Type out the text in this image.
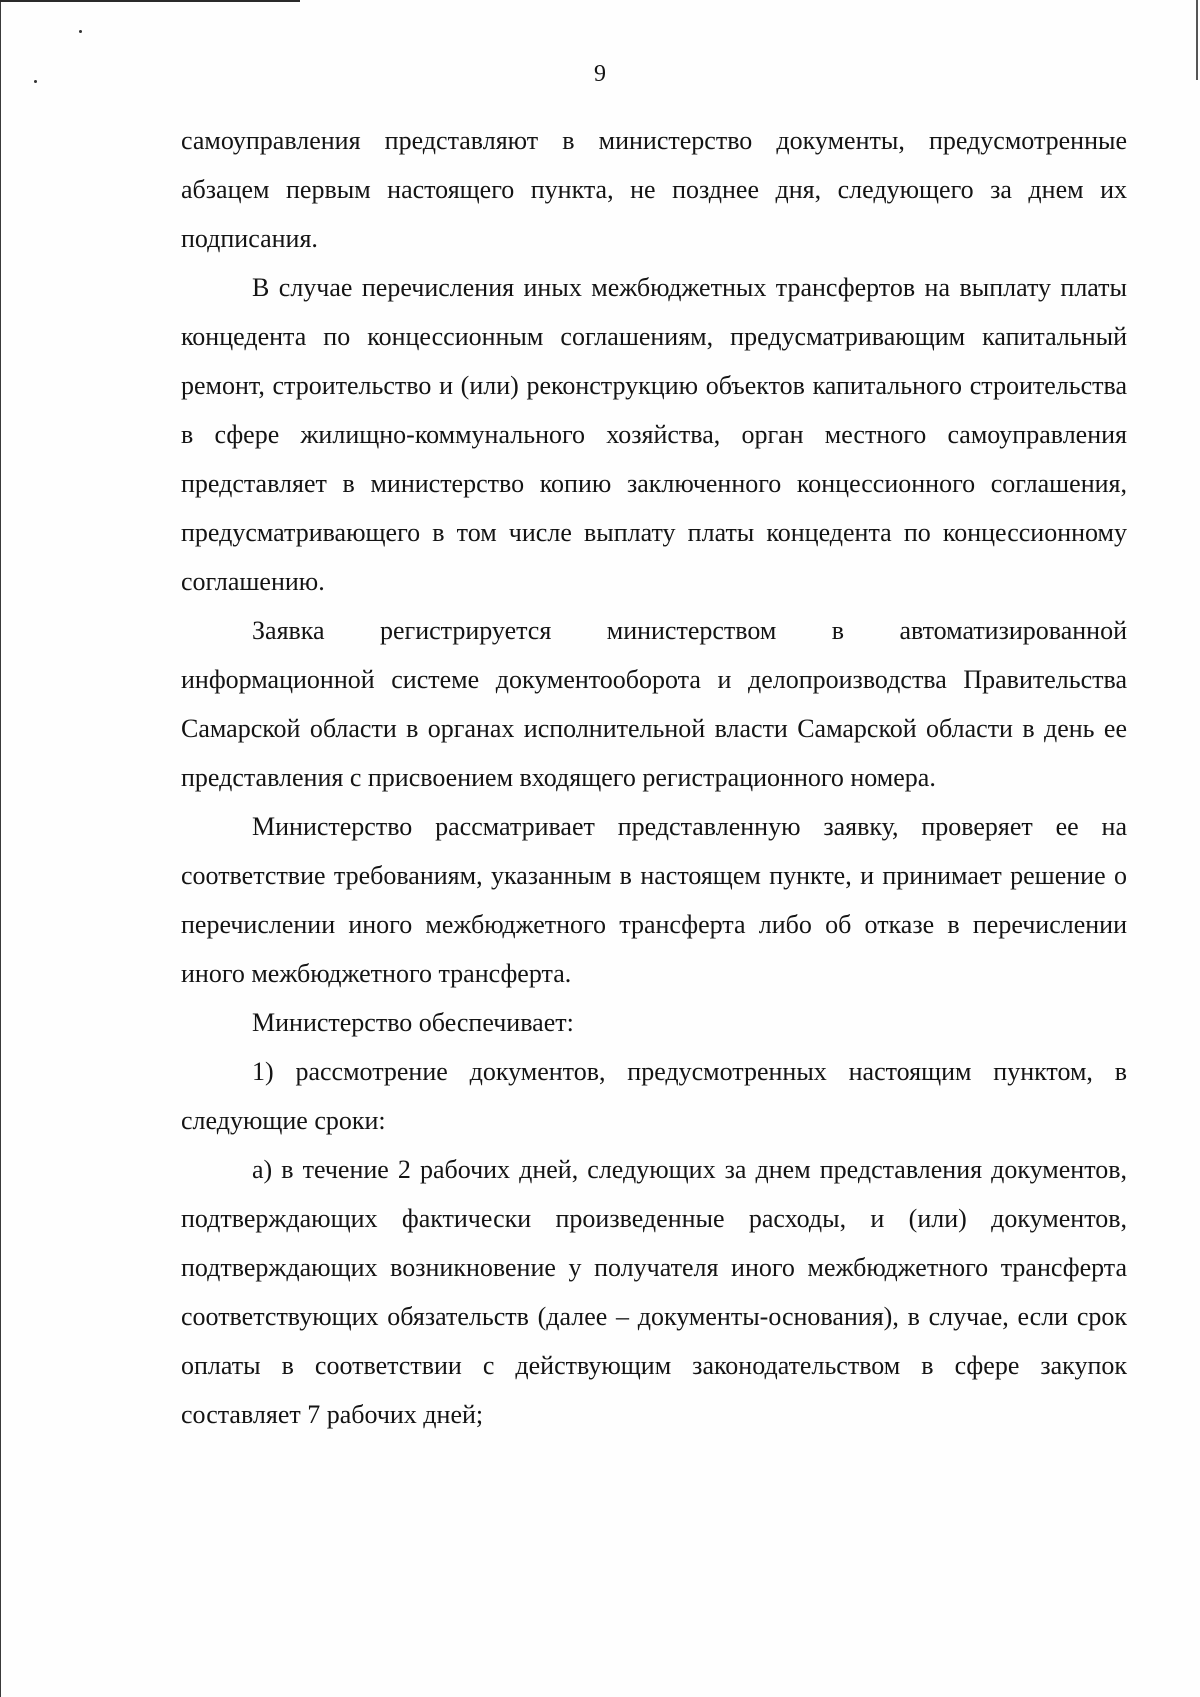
9

самоуправления представляют в министерство документы, предусмотренные абзацем первым настоящего пункта, не позднее дня, следующего за днем их подписания.

В случае перечисления иных межбюджетных трансфертов на выплату платы концедента по концессионным соглашениям, предусматривающим капитальный ремонт, строительство и (или) реконструкцию объектов капитального строительства в сфере жилищно-коммунального хозяйства, орган местного самоуправления представляет в министерство копию заключенного концессионного соглашения, предусматривающего в том числе выплату платы концедента по концессионному соглашению.

Заявка регистрируется министерством в автоматизированной информационной системе документооборота и делопроизводства Правительства Самарской области в органах исполнительной власти Самарской области в день ее представления с присвоением входящего регистрационного номера.

Министерство рассматривает представленную заявку, проверяет ее на соответствие требованиям, указанным в настоящем пункте, и принимает решение о перечислении иного межбюджетного трансферта либо об отказе в перечислении иного межбюджетного трансферта.

Министерство обеспечивает:

1) рассмотрение документов, предусмотренных настоящим пунктом, в следующие сроки:

а) в течение 2 рабочих дней, следующих за днем представления документов, подтверждающих фактически произведенные расходы, и (или) документов, подтверждающих возникновение у получателя иного межбюджетного трансферта соответствующих обязательств (далее – документы-основания), в случае, если срок оплаты в соответствии с действующим законодательством в сфере закупок составляет 7 рабочих дней;
